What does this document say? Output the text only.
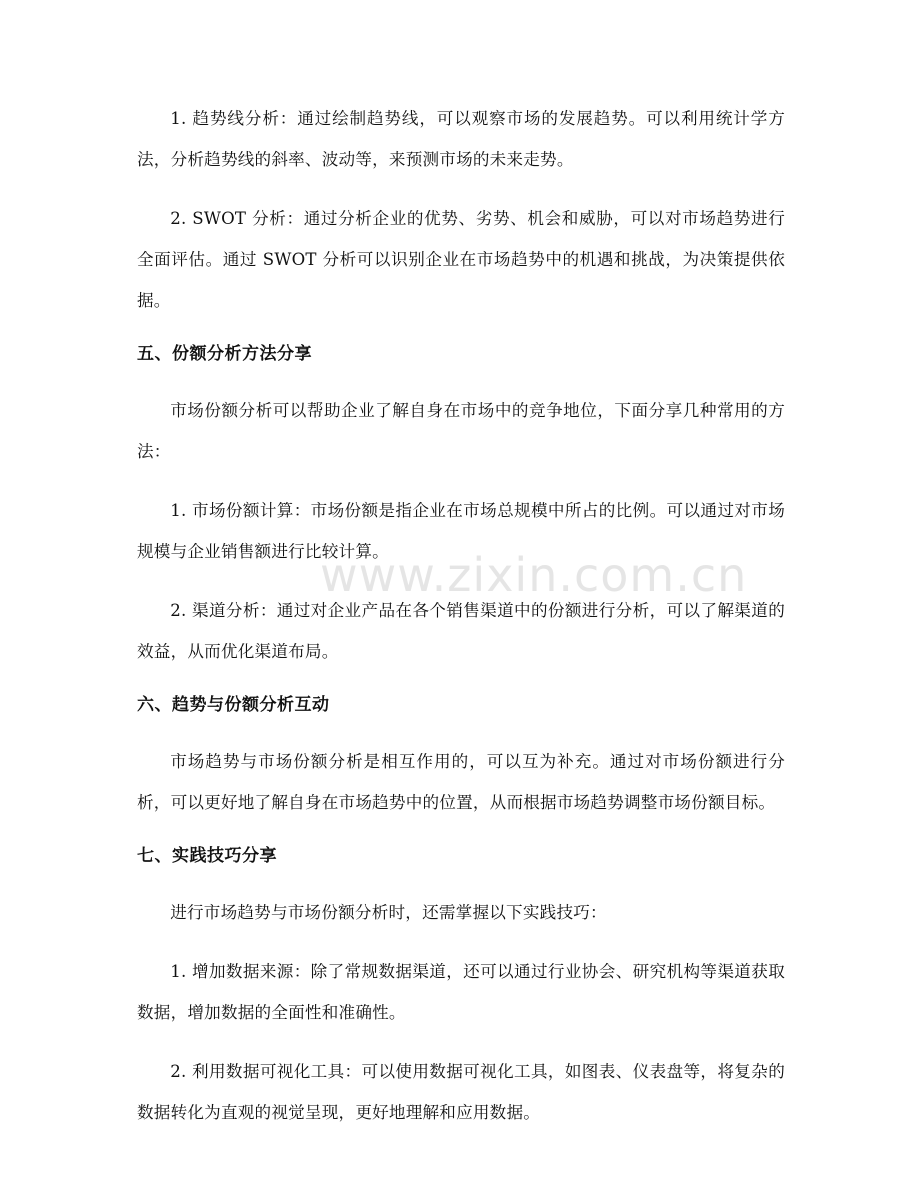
1. 趋势线分析：通过绘制趋势线，可以观察市场的发展趋势。可以利用统计学方法，分析趋势线的斜率、波动等，来预测市场的未来走势。

2. SWOT 分析：通过分析企业的优势、劣势、机会和威胁，可以对市场趋势进行全面评估。通过 SWOT 分析可以识别企业在市场趋势中的机遇和挑战，为决策提供依据。

五、份额分析方法分享

市场份额分析可以帮助企业了解自身在市场中的竞争地位，下面分享几种常用的方法：

1. 市场份额计算：市场份额是指企业在市场总规模中所占的比例。可以通过对市场规模与企业销售额进行比较计算。

2. 渠道分析：通过对企业产品在各个销售渠道中的份额进行分析，可以了解渠道的效益，从而优化渠道布局。

六、趋势与份额分析互动

市场趋势与市场份额分析是相互作用的，可以互为补充。通过对市场份额进行分析，可以更好地了解自身在市场趋势中的位置，从而根据市场趋势调整市场份额目标。

七、实践技巧分享

进行市场趋势与市场份额分析时，还需掌握以下实践技巧：

1. 增加数据来源：除了常规数据渠道，还可以通过行业协会、研究机构等渠道获取数据，增加数据的全面性和准确性。

2. 利用数据可视化工具：可以使用数据可视化工具，如图表、仪表盘等，将复杂的数据转化为直观的视觉呈现，更好地理解和应用数据。

www.zixin.com.cn
